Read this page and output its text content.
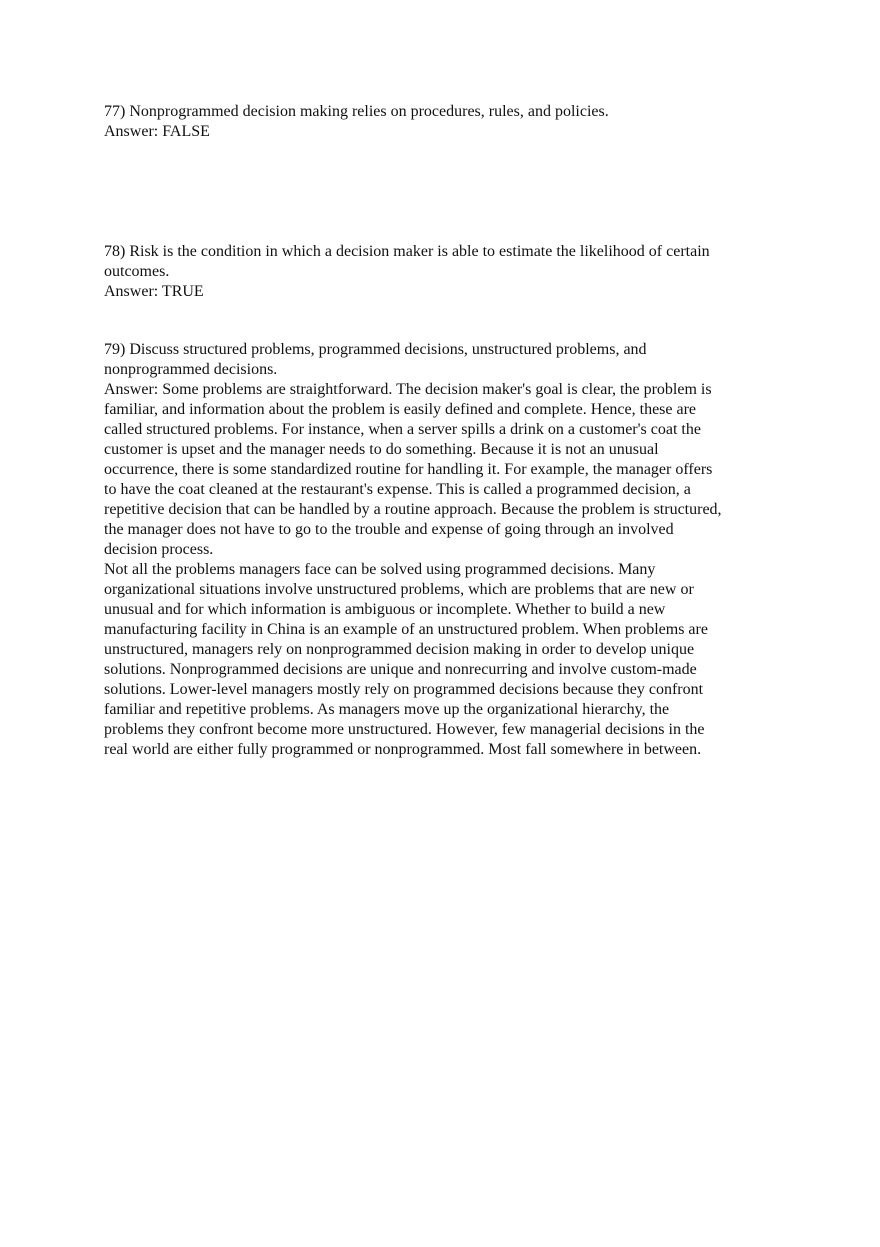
77) Nonprogrammed decision making relies on procedures, rules, and policies.
Answer: FALSE
78) Risk is the condition in which a decision maker is able to estimate the likelihood of certain
outcomes.
Answer: TRUE
79) Discuss structured problems, programmed decisions, unstructured problems, and
nonprogrammed decisions.
Answer: Some problems are straightforward. The decision maker's goal is clear, the problem is
familiar, and information about the problem is easily defined and complete. Hence, these are
called structured problems. For instance, when a server spills a drink on a customer's coat the
customer is upset and the manager needs to do something. Because it is not an unusual
occurrence, there is some standardized routine for handling it. For example, the manager offers
to have the coat cleaned at the restaurant's expense. This is called a programmed decision, a
repetitive decision that can be handled by a routine approach. Because the problem is structured,
the manager does not have to go to the trouble and expense of going through an involved
decision process.
Not all the problems managers face can be solved using programmed decisions. Many
organizational situations involve unstructured problems, which are problems that are new or
unusual and for which information is ambiguous or incomplete. Whether to build a new
manufacturing facility in China is an example of an unstructured problem. When problems are
unstructured, managers rely on nonprogrammed decision making in order to develop unique
solutions. Nonprogrammed decisions are unique and nonrecurring and involve custom-made
solutions. Lower-level managers mostly rely on programmed decisions because they confront
familiar and repetitive problems. As managers move up the organizational hierarchy, the
problems they confront become more unstructured. However, few managerial decisions in the
real world are either fully programmed or nonprogrammed. Most fall somewhere in between.
